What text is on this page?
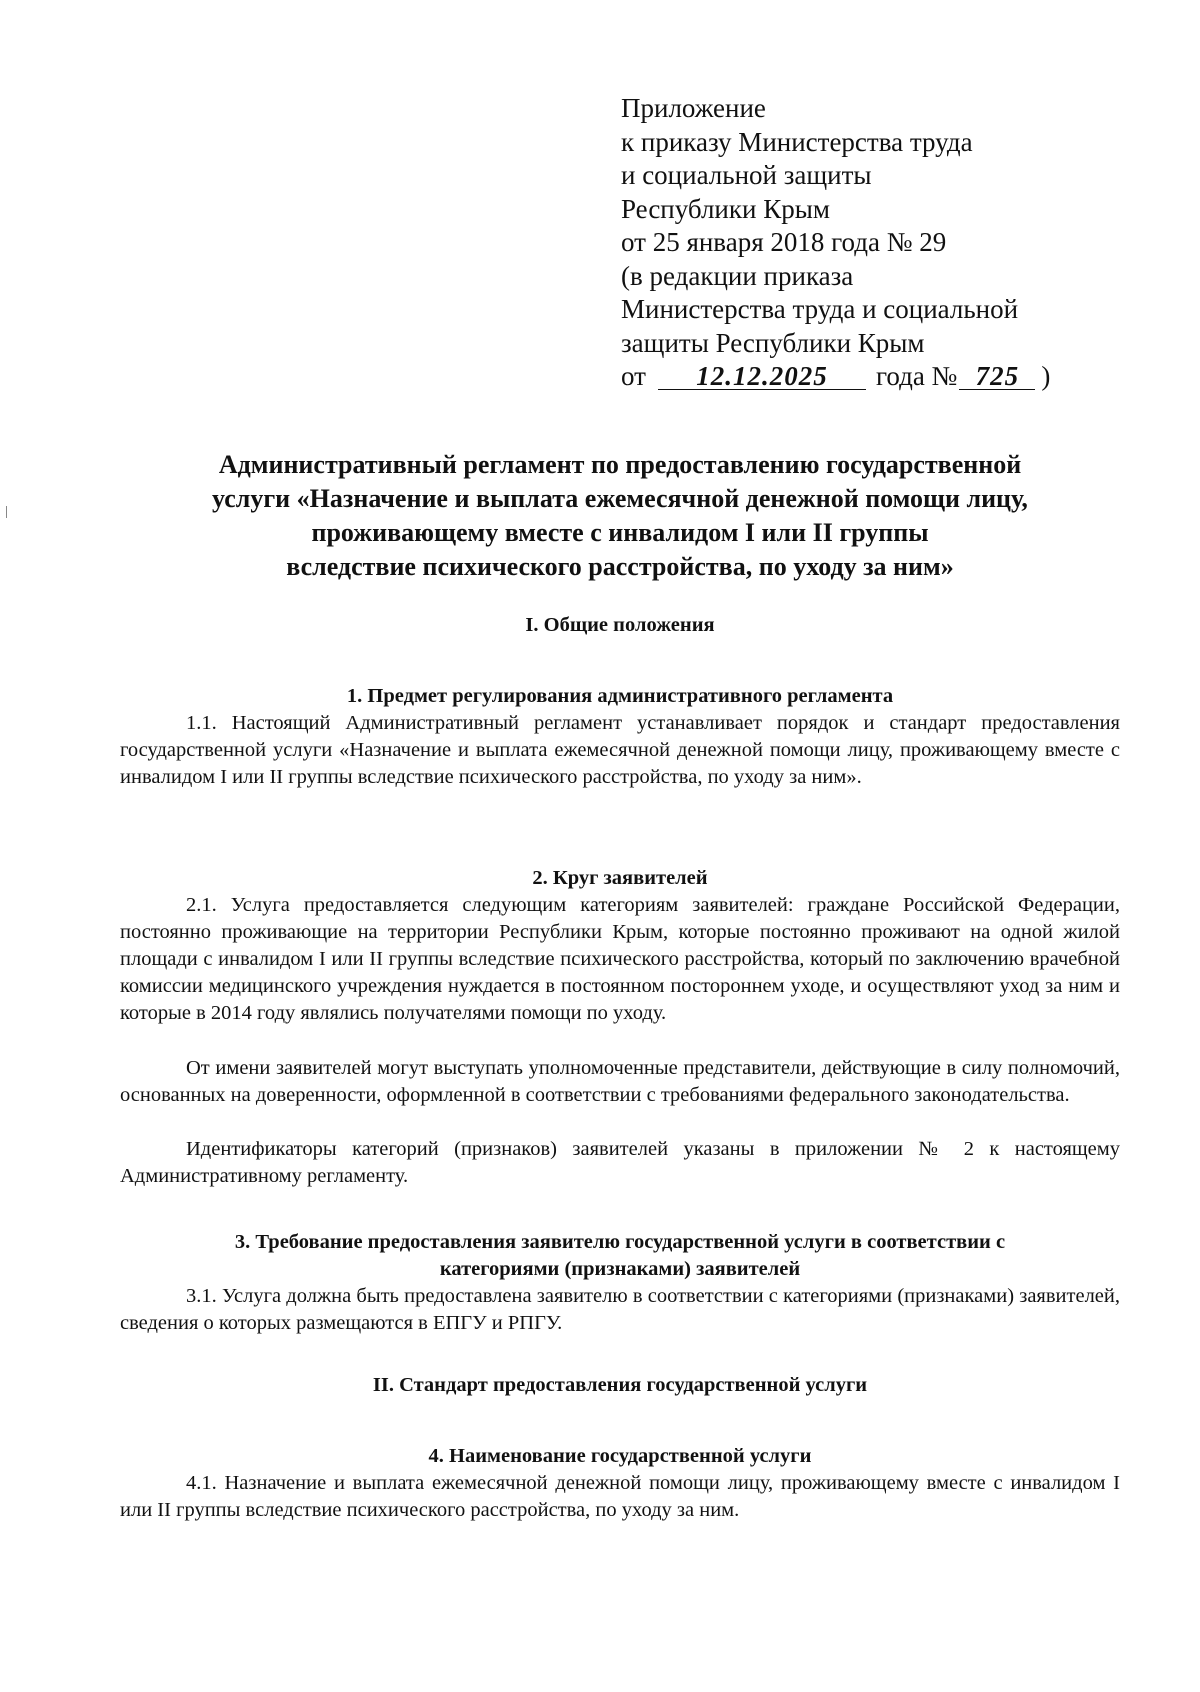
Приложение
к приказу Министерства труда
и социальной защиты
Республики Крым
от 25 января 2018 года № 29
(в редакции приказа
Министерства труда и социальной
защиты Республики Крым
от	12.12.2025	года № 725 )
Административный регламент по предоставлению государственной
услуги «Назначение и выплата ежемесячной денежной помощи лицу,
проживающему вместе с инвалидом I или II группы
вследствие психического расстройства, по уходу за ним»
I. Общие положения
1. Предмет регулирования административного регламента
1.1. Настоящий Административный регламент устанавливает порядок и стандарт предоставления государственной услуги «Назначение и выплата ежемесячной денежной помощи лицу, проживающему вместе с инвалидом I или II группы вследствие психического расстройства, по уходу за ним».
2. Круг заявителей
2.1. Услуга предоставляется следующим категориям заявителей: граждане Российской Федерации, постоянно проживающие на территории Республики Крым, которые постоянно проживают на одной жилой площади с инвалидом I или II группы вследствие психического расстройства, который по заключению врачебной комиссии медицинского учреждения нуждается в постоянном постороннем уходе, и осуществляют уход за ним и которые в 2014 году являлись получателями помощи по уходу.
От имени заявителей могут выступать уполномоченные представители, действующие в силу полномочий, основанных на доверенности, оформленной в соответствии с требованиями федерального законодательства.
Идентификаторы категорий (признаков) заявителей указаны в приложении № 2 к настоящему Административному регламенту.
3. Требование предоставления заявителю государственной услуги в соответствии с
категориями (признаками) заявителей
3.1. Услуга должна быть предоставлена заявителю в соответствии с категориями (признаками) заявителей, сведения о которых размещаются в ЕПГУ и РПГУ.
II. Стандарт предоставления государственной услуги
4. Наименование государственной услуги
4.1. Назначение и выплата ежемесячной денежной помощи лицу, проживающему вместе с инвалидом I или II группы вследствие психического расстройства, по уходу за ним.
